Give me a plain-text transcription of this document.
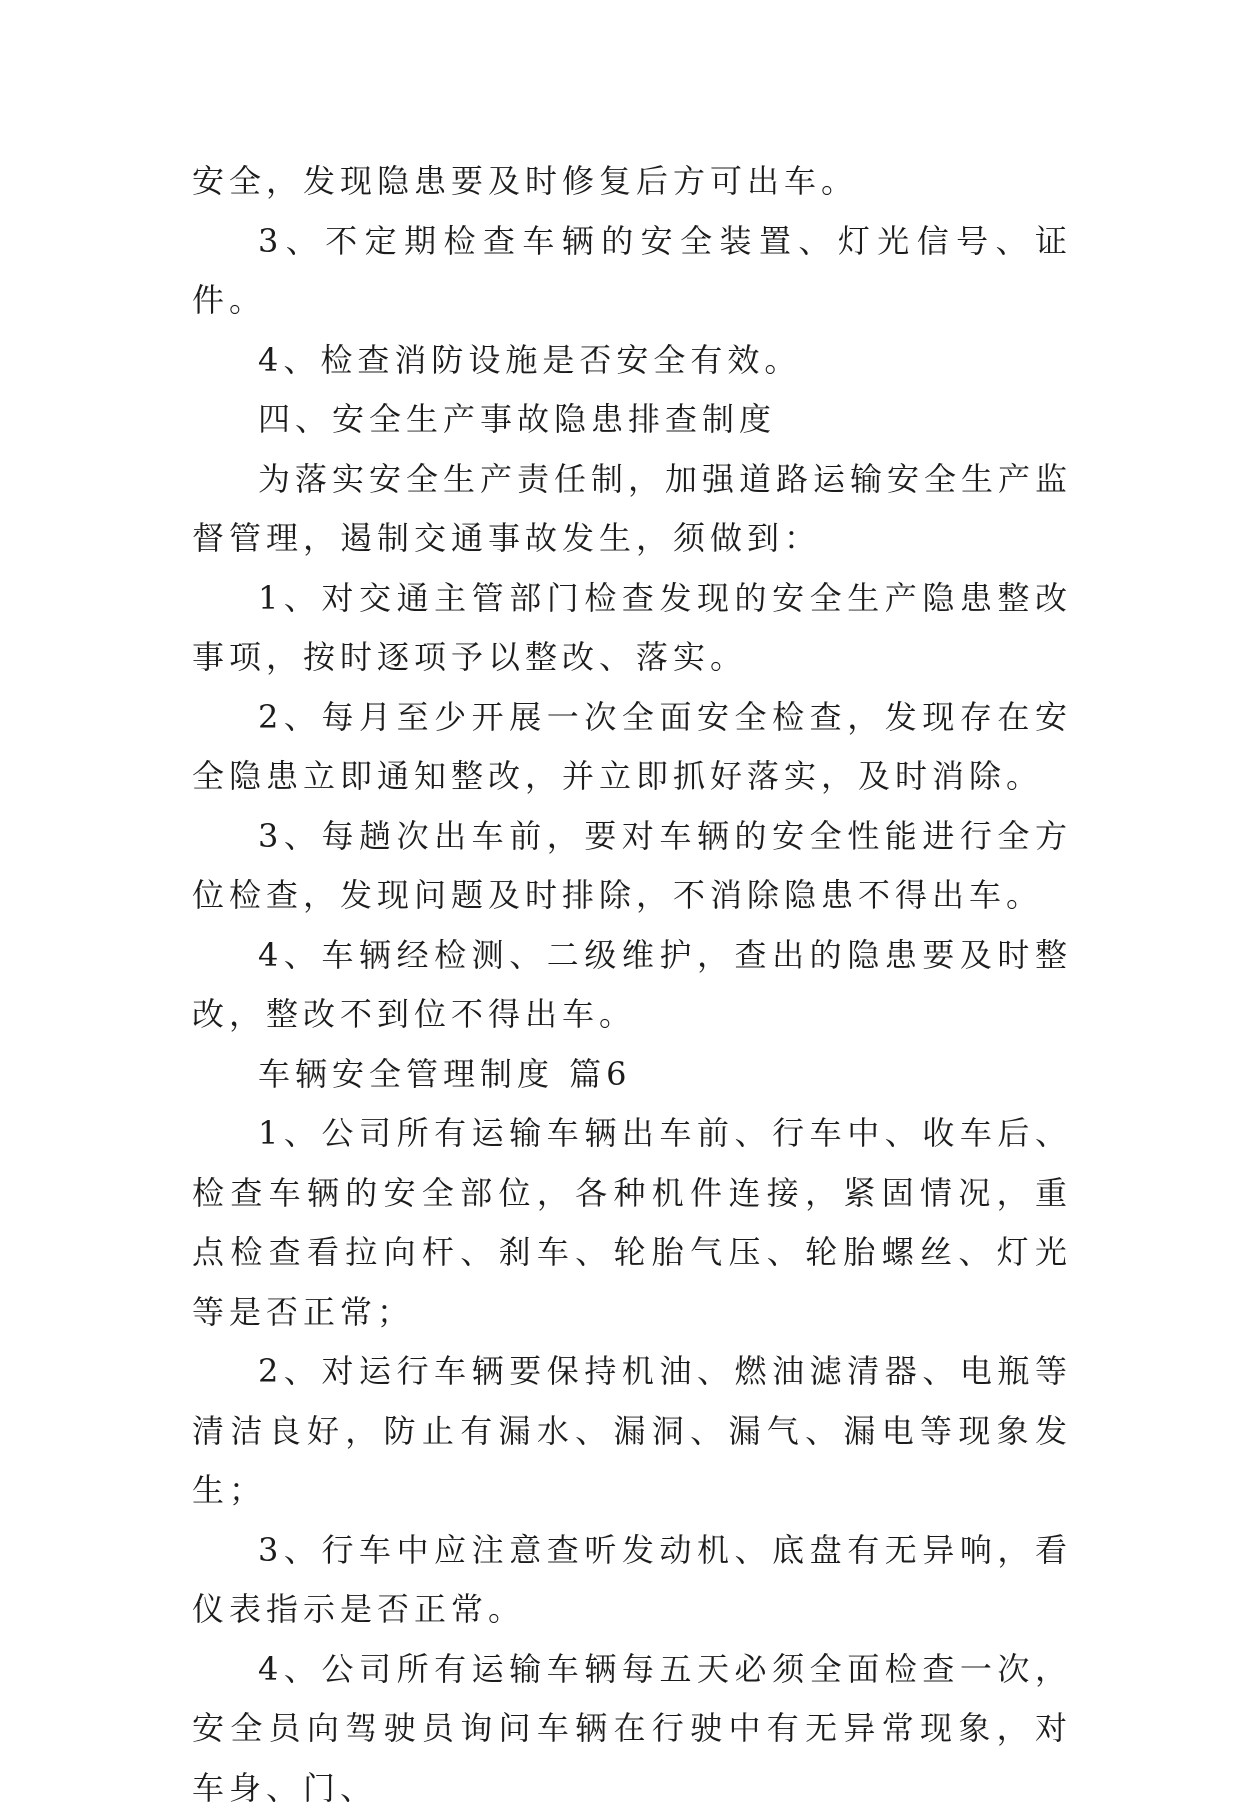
安全，发现隐患要及时修复后方可出车。

3、不定期检查车辆的安全装置、灯光信号、证件。

4、检查消防设施是否安全有效。

四、安全生产事故隐患排查制度

为落实安全生产责任制，加强道路运输安全生产监督管理，遏制交通事故发生，须做到：

1、对交通主管部门检查发现的安全生产隐患整改事项，按时逐项予以整改、落实。

2、每月至少开展一次全面安全检查，发现存在安全隐患立即通知整改，并立即抓好落实，及时消除。

3、每趟次出车前，要对车辆的安全性能进行全方位检查，发现问题及时排除，不消除隐患不得出车。

4、车辆经检测、二级维护，查出的隐患要及时整改，整改不到位不得出车。

车辆安全管理制度 篇6

1、公司所有运输车辆出车前、行车中、收车后、检查车辆的安全部位，各种机件连接，紧固情况，重点检查看拉向杆、刹车、轮胎气压、轮胎螺丝、灯光等是否正常；

2、对运行车辆要保持机油、燃油滤清器、电瓶等清洁良好，防止有漏水、漏洞、漏气、漏电等现象发生；

3、行车中应注意查听发动机、底盘有无异响，看仪表指示是否正常。

4、公司所有运输车辆每五天必须全面检查一次，安全员向驾驶员询问车辆在行驶中有无异常现象，对车身、门、
